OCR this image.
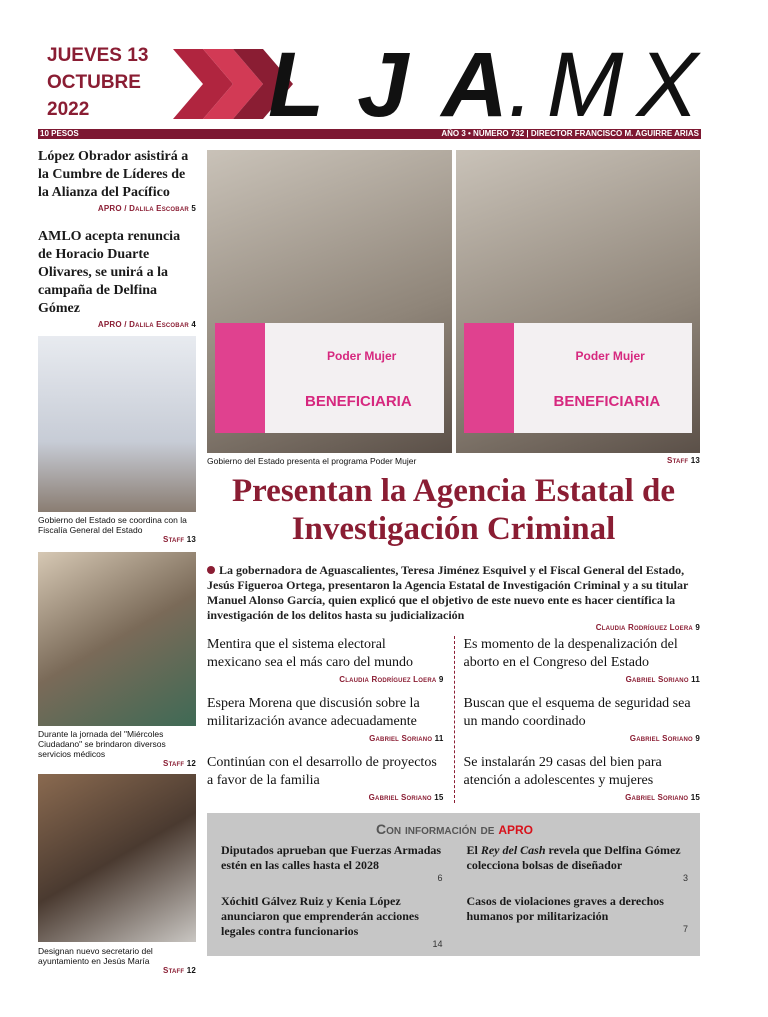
JUEVES 13
OCTUBRE
2022	LJA .MX
10 PESOS	AÑO 3 • NÚMERO 732 | DIRECTOR FRANCISCO M. AGUIRRE ARIAS
López Obrador asistirá a la Cumbre de Líderes de la Alianza del Pacífico
APRO / Dalila Escobar 5
AMLO acepta renuncia de Horacio Duarte Olivares, se unirá a la campaña de Delfina Gómez
APRO / Dalila Escobar 4
Gobierno del Estado se coordina con la Fiscalía General del Estado
Staff 13
Durante la jornada del "Miércoles Ciudadano" se brindaron diversos servicios médicos
Staff 12
Designan nuevo secretario del ayuntamiento en Jesús María
Staff 12
BENEFICIARIA
Poder Mujer
BENEFICIARIA
Poder Mujer
Gobierno del Estado presenta el programa Poder Mujer	Staff 13
Presentan la Agencia Estatal de Investigación Criminal
La gobernadora de Aguascalientes, Teresa Jiménez Esquivel y el Fiscal General del Estado, Jesús Figueroa Ortega, presentaron la Agencia Estatal de Investigación Criminal y a su titular Manuel Alonso García, quien explicó que el objetivo de este nuevo ente es hacer científica la investigación de los delitos hasta su judicialización
Claudia Rodríguez Loera 9
Mentira que el sistema electoral mexicano sea el más caro del mundo
Claudia Rodríguez Loera 9
Es momento de la despenalización del aborto en el Congreso del Estado
Gabriel Soriano 11
Espera Morena que discusión sobre la militarización avance adecuadamente
Gabriel Soriano 11
Buscan que el esquema de seguridad sea un mando coordinado
Gabriel Soriano 9
Continúan con el desarrollo de proyectos a favor de la familia
Gabriel Soriano 15
Se instalarán 29 casas del bien para atención a adolescentes y mujeres
Gabriel Soriano 15
Con información de apro
Diputados aprueban que Fuerzas Armadas estén en las calles hasta el 2028
6
El Rey del Cash revela que Delfina Gómez colecciona bolsas de diseñador
3
Xóchitl Gálvez Ruiz y Kenia López anunciaron que emprenderán acciones legales contra funcionarios
14
Casos de violaciones graves a derechos humanos por militarización
7
